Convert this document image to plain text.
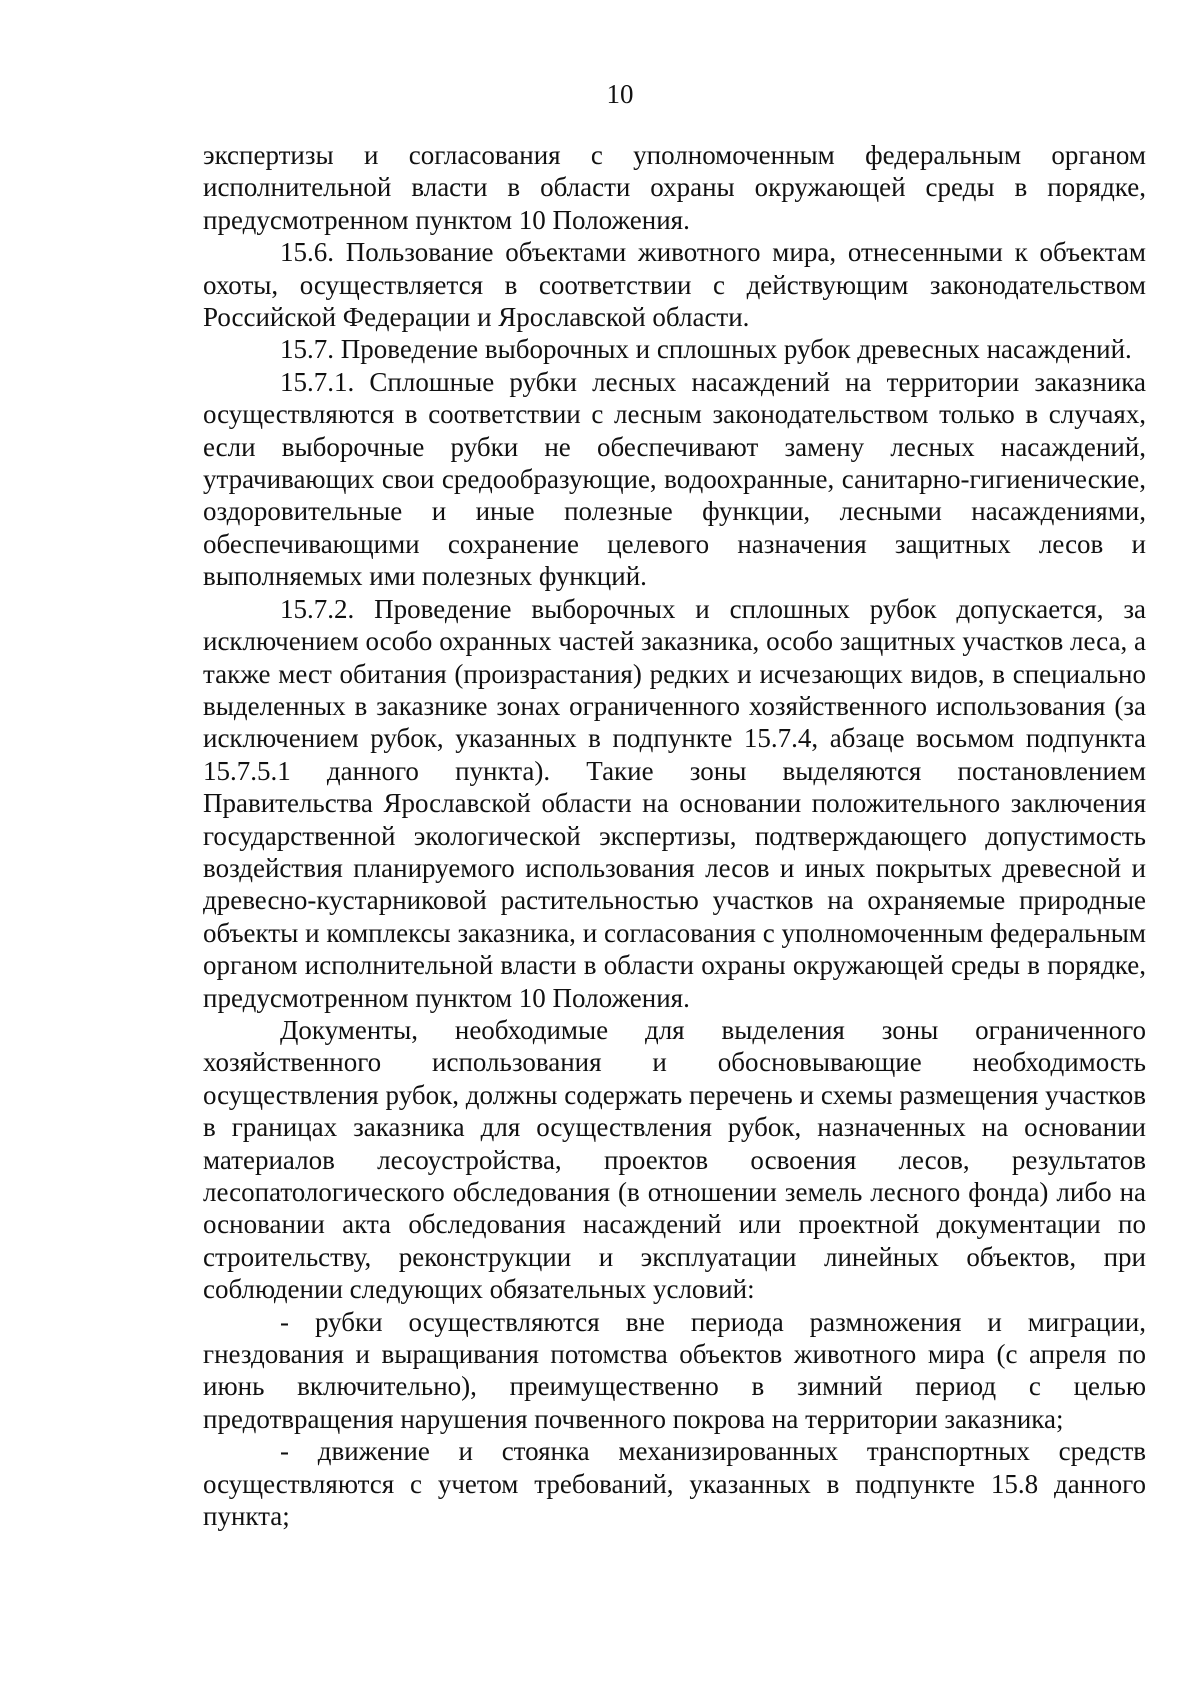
10

экспертизы и согласования с уполномоченным федеральным органом исполнительной власти в области охраны окружающей среды в порядке, предусмотренном пунктом 10 Положения.

15.6. Пользование объектами животного мира, отнесенными к объектам охоты, осуществляется в соответствии с действующим законодательством Российской Федерации и Ярославской области.

15.7. Проведение выборочных и сплошных рубок древесных насаждений.

15.7.1. Сплошные рубки лесных насаждений на территории заказника осуществляются в соответствии с лесным законодательством только в случаях, если выборочные рубки не обеспечивают замену лесных насаждений, утрачивающих свои средообразующие, водоохранные, санитарно-гигиенические, оздоровительные и иные полезные функции, лесными насаждениями, обеспечивающими сохранение целевого назначения защитных лесов и выполняемых ими полезных функций.

15.7.2. Проведение выборочных и сплошных рубок допускается, за исключением особо охранных частей заказника, особо защитных участков леса, а также мест обитания (произрастания) редких и исчезающих видов, в специально выделенных в заказнике зонах ограниченного хозяйственного использования (за исключением рубок, указанных в подпункте 15.7.4, абзаце восьмом подпункта 15.7.5.1 данного пункта). Такие зоны выделяются постановлением Правительства Ярославской области на основании положительного заключения государственной экологической экспертизы, подтверждающего допустимость воздействия планируемого использования лесов и иных покрытых древесной и древесно-кустарниковой растительностью участков на охраняемые природные объекты и комплексы заказника, и согласования с уполномоченным федеральным органом исполнительной власти в области охраны окружающей среды в порядке, предусмотренном пунктом 10 Положения.

Документы, необходимые для выделения зоны ограниченного хозяйственного использования и обосновывающие необходимость осуществления рубок, должны содержать перечень и схемы размещения участков в границах заказника для осуществления рубок, назначенных на основании материалов лесоустройства, проектов освоения лесов, результатов лесопатологического обследования (в отношении земель лесного фонда) либо на основании акта обследования насаждений или проектной документации по строительству, реконструкции и эксплуатации линейных объектов, при соблюдении следующих обязательных условий:

- рубки осуществляются вне периода размножения и миграции, гнездования и выращивания потомства объектов животного мира (с апреля по июнь включительно), преимущественно в зимний период с целью предотвращения нарушения почвенного покрова на территории заказника;

- движение и стоянка механизированных транспортных средств осуществляются с учетом требований, указанных в подпункте 15.8 данного пункта;
